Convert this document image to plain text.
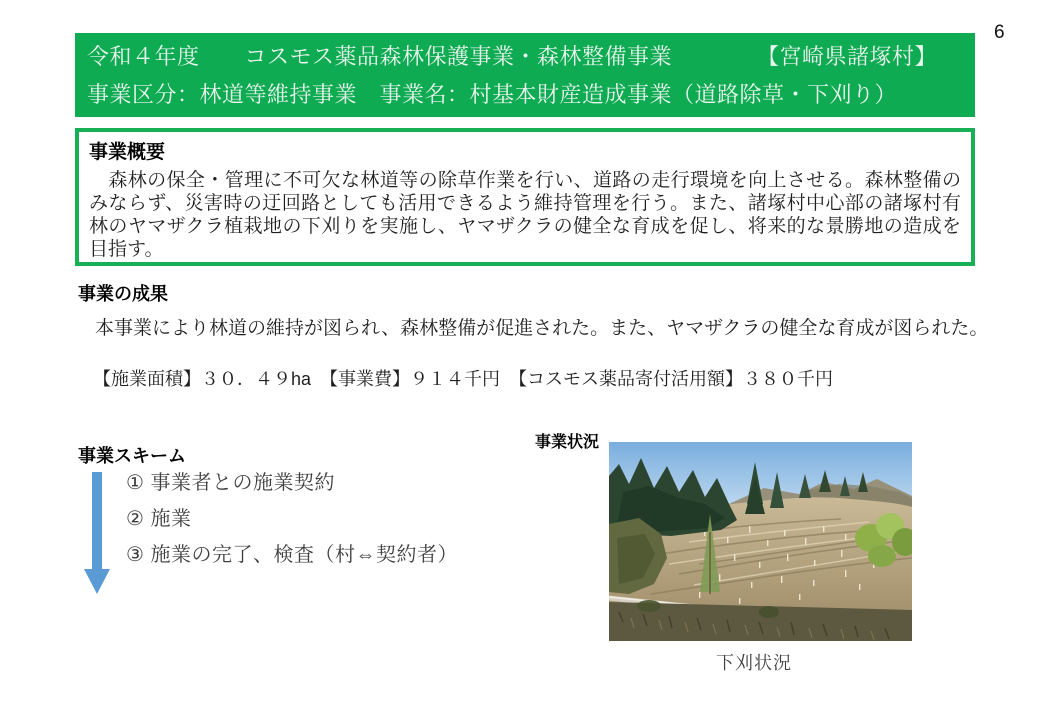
6
令和４年度　　コスモス薬品森林保護事業・森林整備事業	【宮崎県諸塚村】
事業区分：林道等維持事業　事業名：村基本財産造成事業（道路除草・下刈り）
事業概要

　森林の保全・管理に不可欠な林道等の除草作業を行い、道路の走行環境を向上させる。森林整備のみならず、災害時の迂回路としても活用できるよう維持管理を行う。また、諸塚村中心部の諸塚村有林のヤマザクラ植栽地の下刈りを実施し、ヤマザクラの健全な育成を促し、将来的な景勝地の造成を目指す。

事業の成果
本事業により林道の維持が図られ、森林整備が促進された。また、ヤマザクラの健全な育成が図られた。
【施業面積】３０．４９ha　【事業費】９１４千円　【コスモス薬品寄付活用額】３８０千円
事業スキーム
① 事業者との施業契約
② 施業
③ 施業の完了、検査（村⇔契約者）
事業状況
下刈状況
